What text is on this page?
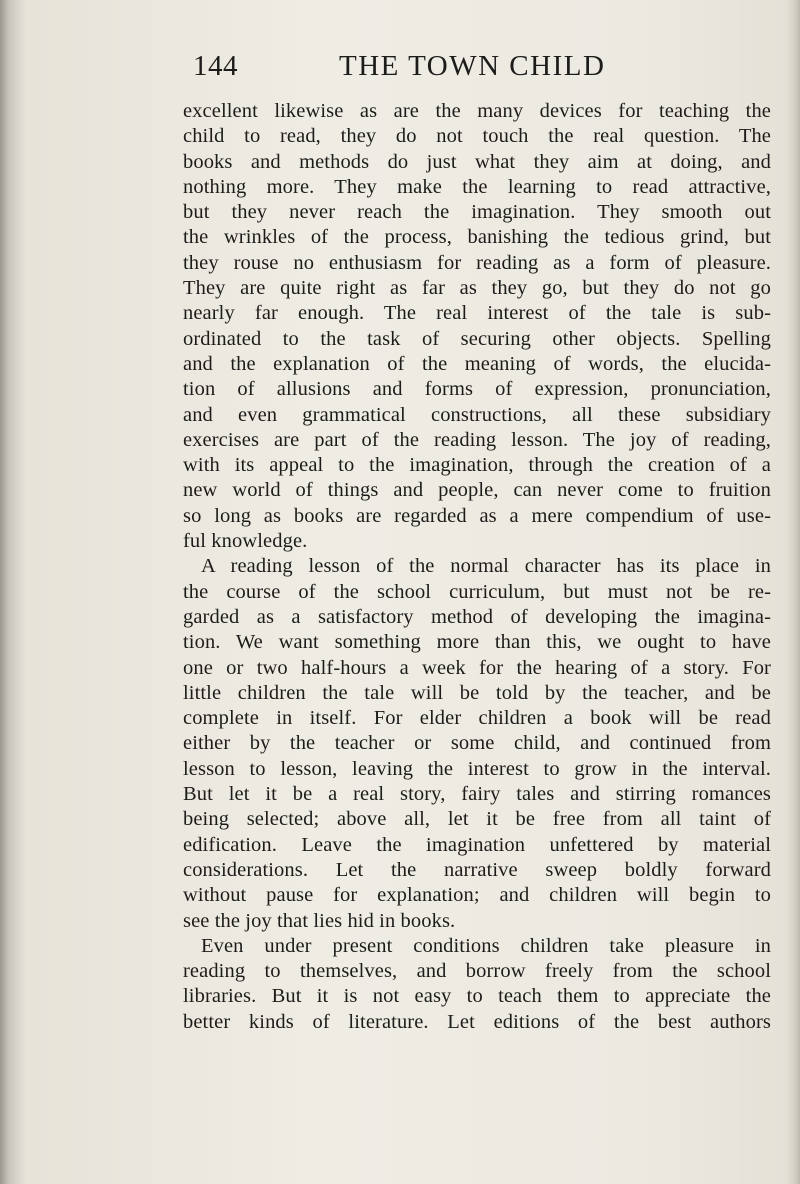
144	THE TOWN CHILD
excellent likewise as are the many devices for teaching the
child to read, they do not touch the real question. The
books and methods do just what they aim at doing, and
nothing more. They make the learning to read attractive,
but they never reach the imagination. They smooth out
the wrinkles of the process, banishing the tedious grind, but
they rouse no enthusiasm for reading as a form of pleasure.
They are quite right as far as they go, but they do not go
nearly far enough. The real interest of the tale is sub-
ordinated to the task of securing other objects. Spelling
and the explanation of the meaning of words, the elucida-
tion of allusions and forms of expression, pronunciation,
and even grammatical constructions, all these subsidiary
exercises are part of the reading lesson. The joy of reading,
with its appeal to the imagination, through the creation of a
new world of things and people, can never come to fruition
so long as books are regarded as a mere compendium of use-
ful knowledge.
A reading lesson of the normal character has its place in
the course of the school curriculum, but must not be re-
garded as a satisfactory method of developing the imagina-
tion. We want something more than this, we ought to have
one or two half-hours a week for the hearing of a story. For
little children the tale will be told by the teacher, and be
complete in itself. For elder children a book will be read
either by the teacher or some child, and continued from
lesson to lesson, leaving the interest to grow in the interval.
But let it be a real story, fairy tales and stirring romances
being selected; above all, let it be free from all taint of
edification. Leave the imagination unfettered by material
considerations. Let the narrative sweep boldly forward
without pause for explanation; and children will begin to
see the joy that lies hid in books.
Even under present conditions children take pleasure in
reading to themselves, and borrow freely from the school
libraries. But it is not easy to teach them to appreciate the
better kinds of literature. Let editions of the best authors
